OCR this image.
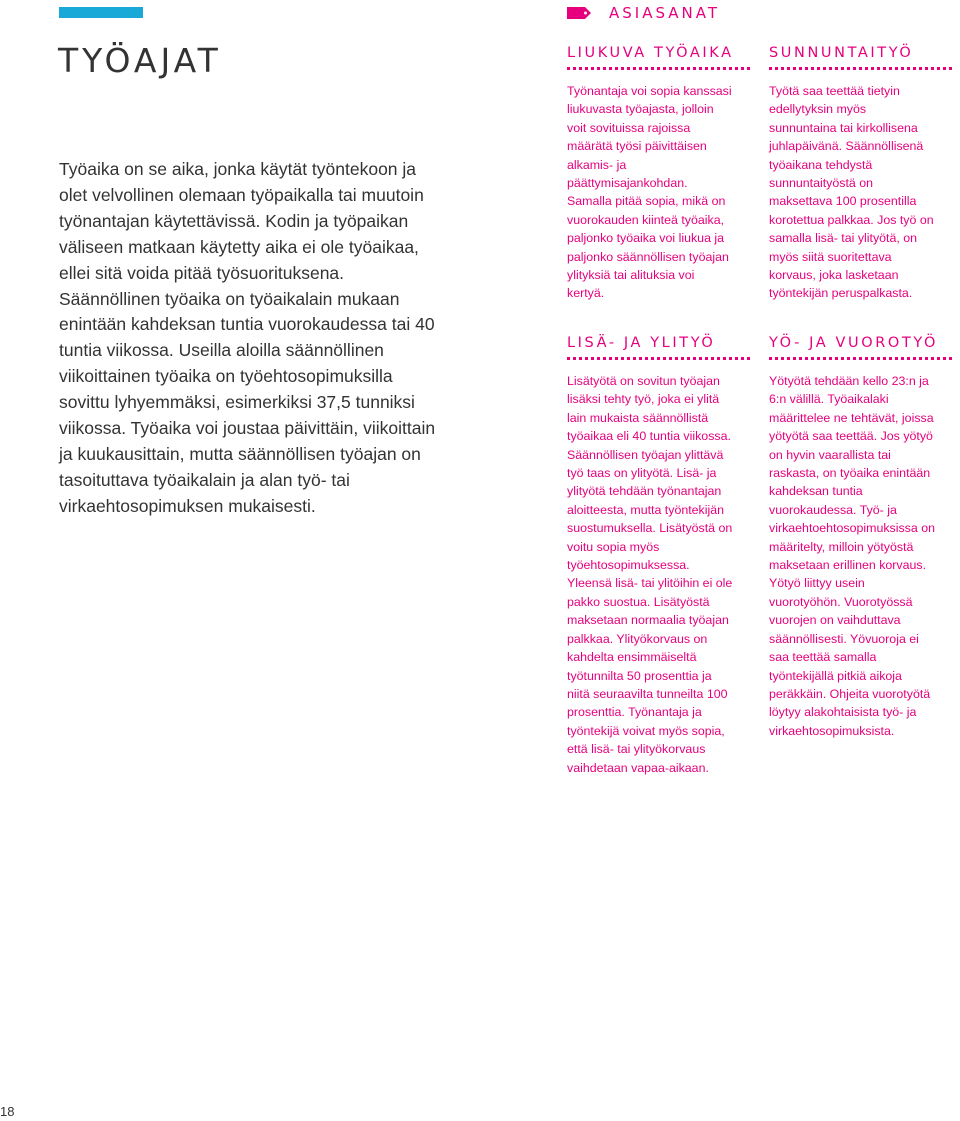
TYÖAJAT

Työaika on se aika, jonka käytät työntekoon ja olet velvollinen olemaan työpaikalla tai muutoin työnantajan käytettävissä. Kodin ja työpaikan väliseen matkaan käytetty aika ei ole työaikaa, ellei sitä voida pitää työsuorituksena. Säännöllinen työaika on työaikalain mukaan enintään kahdeksan tuntia vuorokaudessa tai 40 tuntia viikossa. Useilla aloilla säännöllinen viikoittainen työaika on työehtosopimuksilla sovittu lyhyemmäksi, esimerkiksi 37,5 tunniksi viikossa. Työaika voi joustaa päivittäin, viikoittain ja kuukausittain, mutta säännöllisen työajan on tasoituttava työaikalain ja alan työ- tai virkaehtosopimuksen mukaisesti.

ASIASANAT
LIUKUVA TYÖAIKA

Työnantaja voi sopia kanssasi liukuvasta työajasta, jolloin voit sovituissa rajoissa määrätä työsi päivittäisen alkamis- ja päättymisajankohdan. Samalla pitää sopia, mikä on vuorokauden kiinteä työaika, paljonko työaika voi liukua ja paljonko säännöllisen työajan ylityksiä tai alituksia voi kertyä.

SUNNUNTAITYÖ

Työtä saa teettää tietyin edellytyksin myös sunnuntaina tai kirkollisena juhlapäivänä. Säännöllisenä työaikana tehdystä sunnuntaityöstä on maksettava 100 prosentilla korotettua palkkaa. Jos työ on samalla lisä- tai ylityötä, on myös siitä suoritettava korvaus, joka lasketaan työntekijän peruspalkasta.

LISÄ- JA YLITYÖ

Lisätyötä on sovitun työajan lisäksi tehty työ, joka ei ylitä lain mukaista säännöllistä työaikaa eli 40 tuntia viikossa. Säännöllisen työajan ylittävä työ taas on ylityötä. Lisä- ja ylityötä tehdään työnantajan aloitteesta, mutta työntekijän suostumuksella. Lisätyöstä on voitu sopia myös työehtosopimuksessa. Yleensä lisä- tai ylitöihin ei ole pakko suostua. Lisätyöstä maksetaan normaalia työajan palkkaa. Ylityökorvaus on kahdelta ensimmäiseltä työtunnilta 50 prosenttia ja niitä seuraavilta tunneilta 100 prosenttia. Työnantaja ja työntekijä voivat myös sopia, että lisä- tai ylityökorvaus vaihdetaan vapaa-aikaan.

YÖ- JA VUOROTYÖ

Yötyötä tehdään kello 23:n ja 6:n välillä. Työaikalaki määrittelee ne tehtävät, joissa yötyötä saa teettää. Jos yötyö on hyvin vaarallista tai raskasta, on työaika enintään kahdeksan tuntia vuorokaudessa. Työ- ja virkaehtoehtosopimuksissa on määritelty, milloin yötyöstä maksetaan erillinen korvaus. Yötyö liittyy usein vuorotyöhön. Vuorotyössä vuorojen on vaihduttava säännöllisesti. Yövuoroja ei saa teettää samalla työntekijällä pitkiä aikoja peräkkäin. Ohjeita vuorotyötä löytyy alakohtaisista työ- ja virkaehtosopimuksista.

18
